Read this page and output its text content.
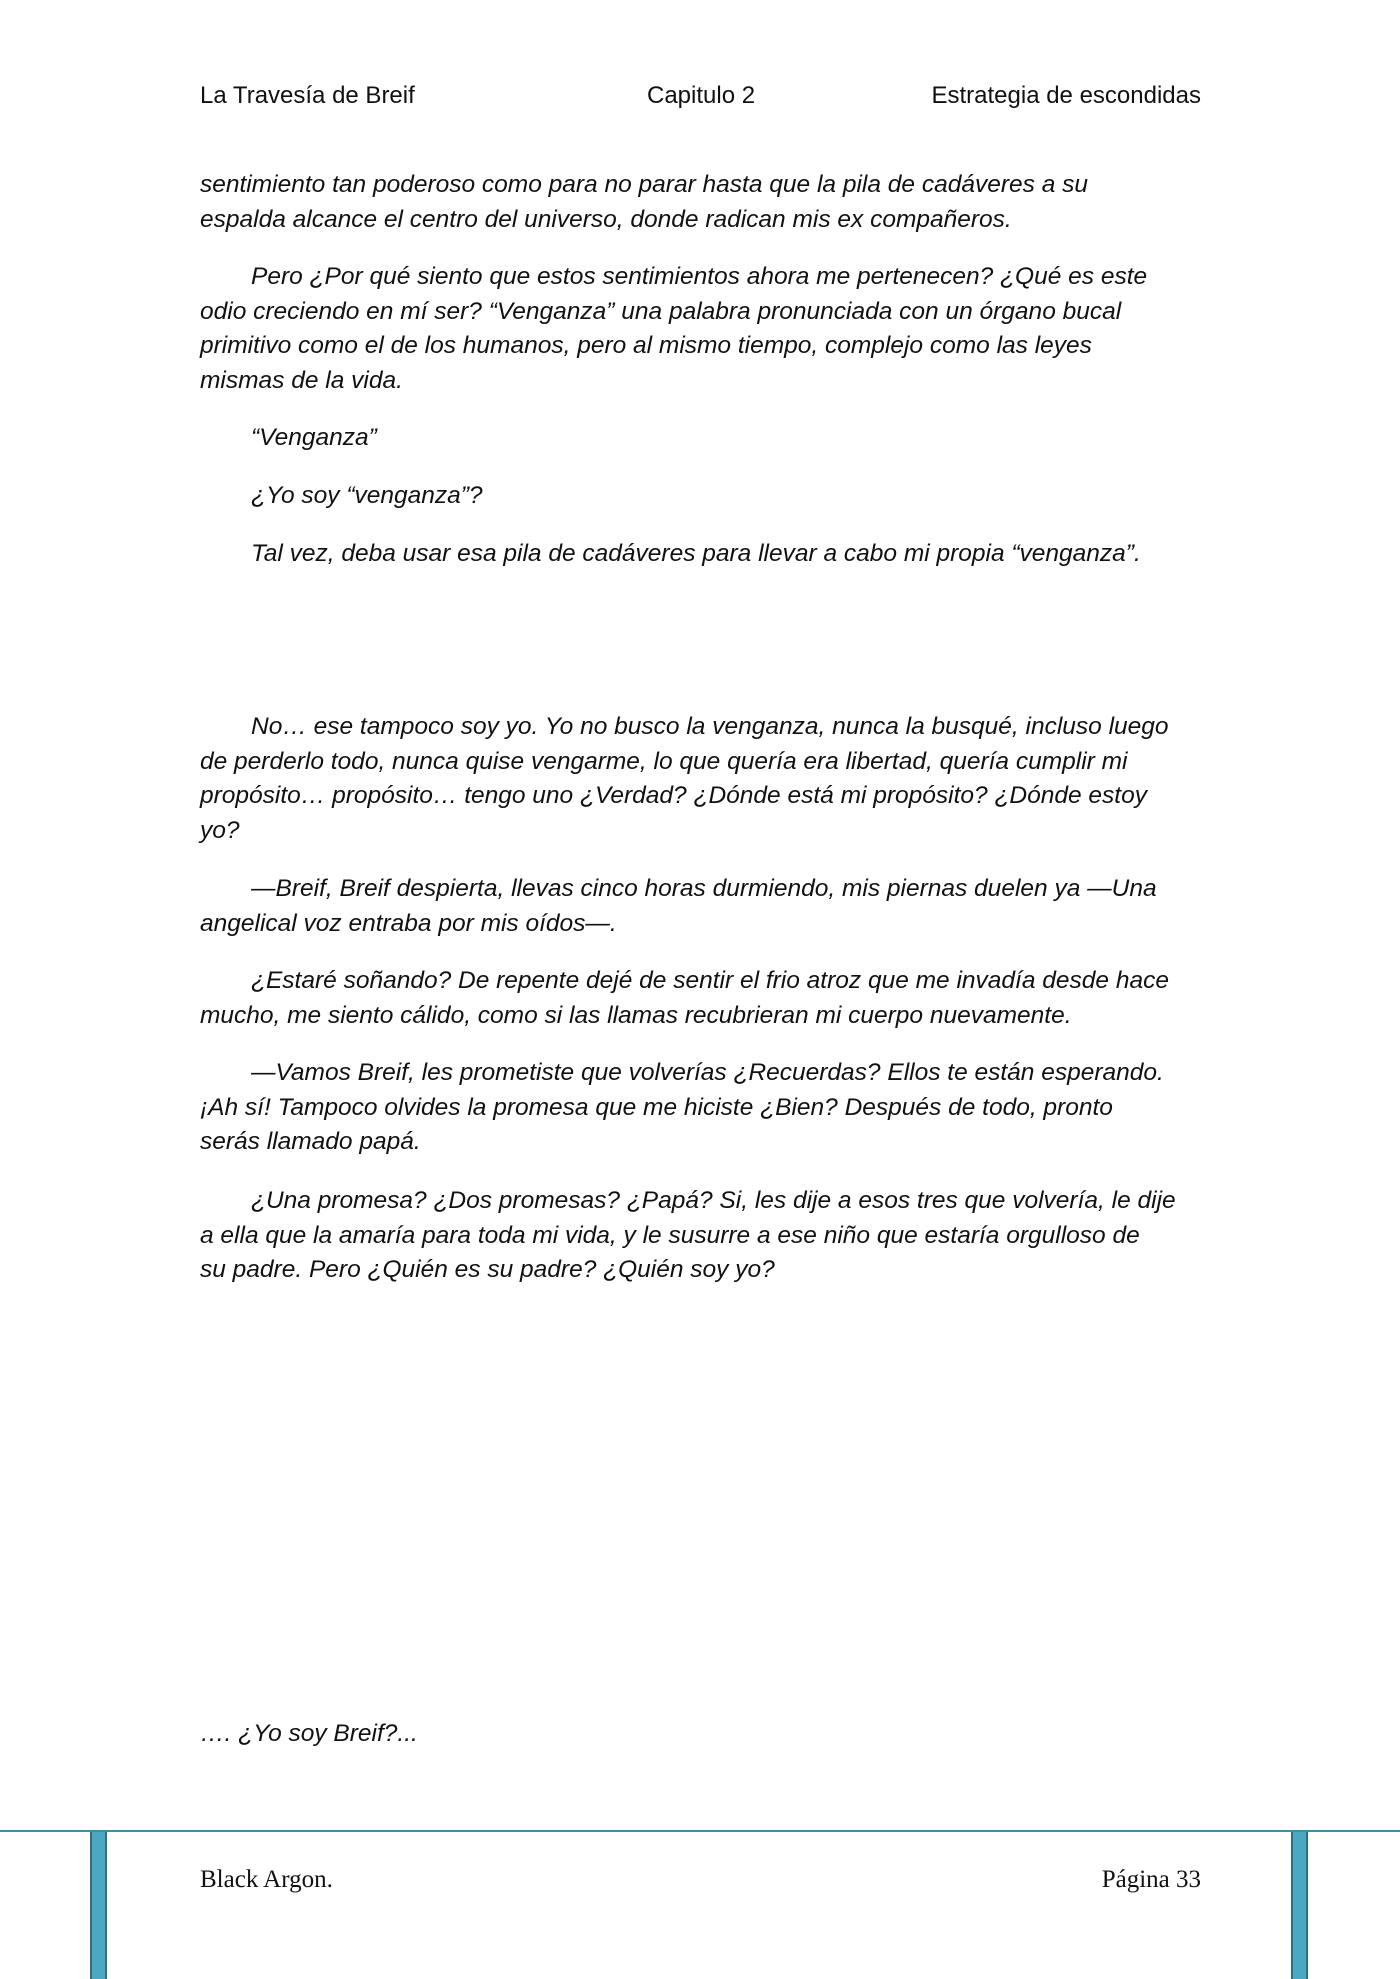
La Travesía de Breif	Capitulo 2	Estrategia de escondidas

sentimiento tan poderoso como para no parar hasta que la pila de cadáveres a su
espalda alcance el centro del universo, donde radican mis ex compañeros.

Pero ¿Por qué siento que estos sentimientos ahora me pertenecen? ¿Qué es este
odio creciendo en mí ser? “Venganza” una palabra pronunciada con un órgano bucal
primitivo como el de los humanos, pero al mismo tiempo, complejo como las leyes
mismas de la vida.

“Venganza”

¿Yo soy “venganza”?

Tal vez, deba usar esa pila de cadáveres para llevar a cabo mi propia “venganza”.

No… ese tampoco soy yo. Yo no busco la venganza, nunca la busqué, incluso luego
de perderlo todo, nunca quise vengarme, lo que quería era libertad, quería cumplir mi
propósito… propósito… tengo uno ¿Verdad? ¿Dónde está mi propósito? ¿Dónde estoy
yo?

—Breif, Breif despierta, llevas cinco horas durmiendo, mis piernas duelen ya —Una
angelical voz entraba por mis oídos—.

¿Estaré soñando? De repente dejé de sentir el frio atroz que me invadía desde hace
mucho, me siento cálido, como si las llamas recubrieran mi cuerpo nuevamente.

—Vamos Breif, les prometiste que volverías ¿Recuerdas? Ellos te están esperando.
¡Ah sí! Tampoco olvides la promesa que me hiciste ¿Bien? Después de todo, pronto
serás llamado papá.

¿Una promesa? ¿Dos promesas? ¿Papá? Si, les dije a esos tres que volvería, le dije
a ella que la amaría para toda mi vida, y le susurre a ese niño que estaría orgulloso de
su padre. Pero ¿Quién es su padre? ¿Quién soy yo?

…. ¿Yo soy Breif?...

Black Argon.	Página 33
